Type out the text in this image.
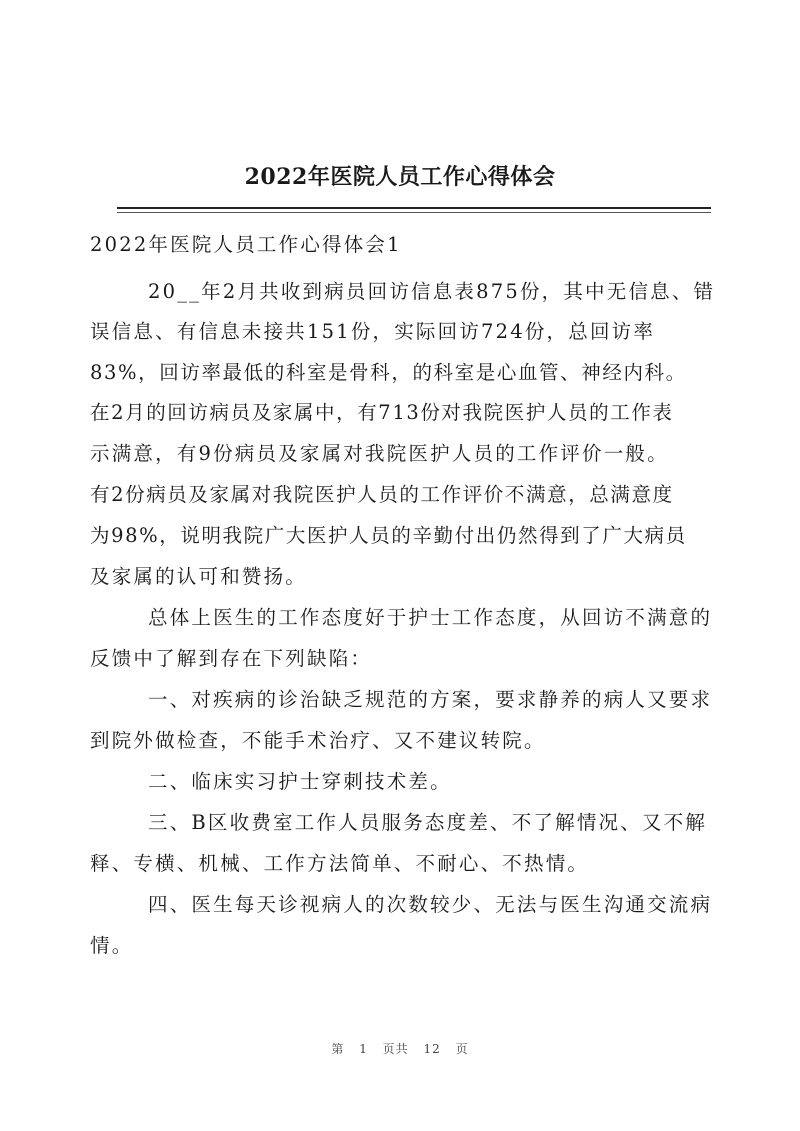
2022年医院人员工作心得体会
2022年医院人员工作心得体会1
20__年2月共收到病员回访信息表875份，其中无信息、错
误信息、有信息未接共151份，实际回访724份，总回访率
83%，回访率最低的科室是骨科，的科室是心血管、神经内科。
在2月的回访病员及家属中，有713份对我院医护人员的工作表
示满意，有9份病员及家属对我院医护人员的工作评价一般。
有2份病员及家属对我院医护人员的工作评价不满意，总满意度
为98%，说明我院广大医护人员的辛勤付出仍然得到了广大病员
及家属的认可和赞扬。
总体上医生的工作态度好于护士工作态度，从回访不满意的
反馈中了解到存在下列缺陷：
一、对疾病的诊治缺乏规范的方案，要求静养的病人又要求
到院外做检查，不能手术治疗、又不建议转院。
二、临床实习护士穿刺技术差。
三、B区收费室工作人员服务态度差、不了解情况、又不解
释、专横、机械、工作方法简单、不耐心、不热情。
四、医生每天诊视病人的次数较少、无法与医生沟通交流病
情。
第 1 页共 12 页
